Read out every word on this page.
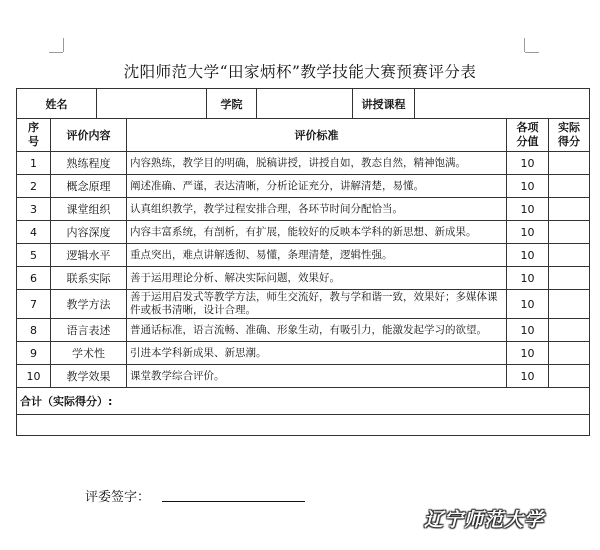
沈阳师范大学“田家炳杯”教学技能大赛预赛评分表
姓名				学院		讲授课程			
序号	评价内容		评价标准					各项分值	实际得分
1	熟练程度		内容熟练，教学目的明确，脱稿讲授，讲授自如，教态自然，精神饱满。					10	
2	概念原理		阐述准确、严谨，表达清晰，分析论证充分，讲解清楚，易懂。					10	
3	课堂组织		认真组织教学，教学过程安排合理，各环节时间分配恰当。					10	
4	内容深度		内容丰富系统，有剖析，有扩展，能较好的反映本学科的新思想、新成果。					10	
5	逻辑水平		重点突出，难点讲解透彻、易懂，条理清楚，逻辑性强。					10	
6	联系实际		善于运用理论分析、解决实际问题，效果好。					10	
7	教学方法		善于运用启发式等教学方法，师生交流好，教与学和谐一致，效果好；多媒体课件或板书清晰，设计合理。					10	
8	语言表述		普通话标准，语言流畅、准确、形象生动，有吸引力，能激发起学习的欲望。					10	
9	学术性		引进本学科新成果、新思潮。					10	
10	教学效果		课堂教学综合评价。					10	
合计（实际得分）:									

评委签字：
辽宁师范大学
